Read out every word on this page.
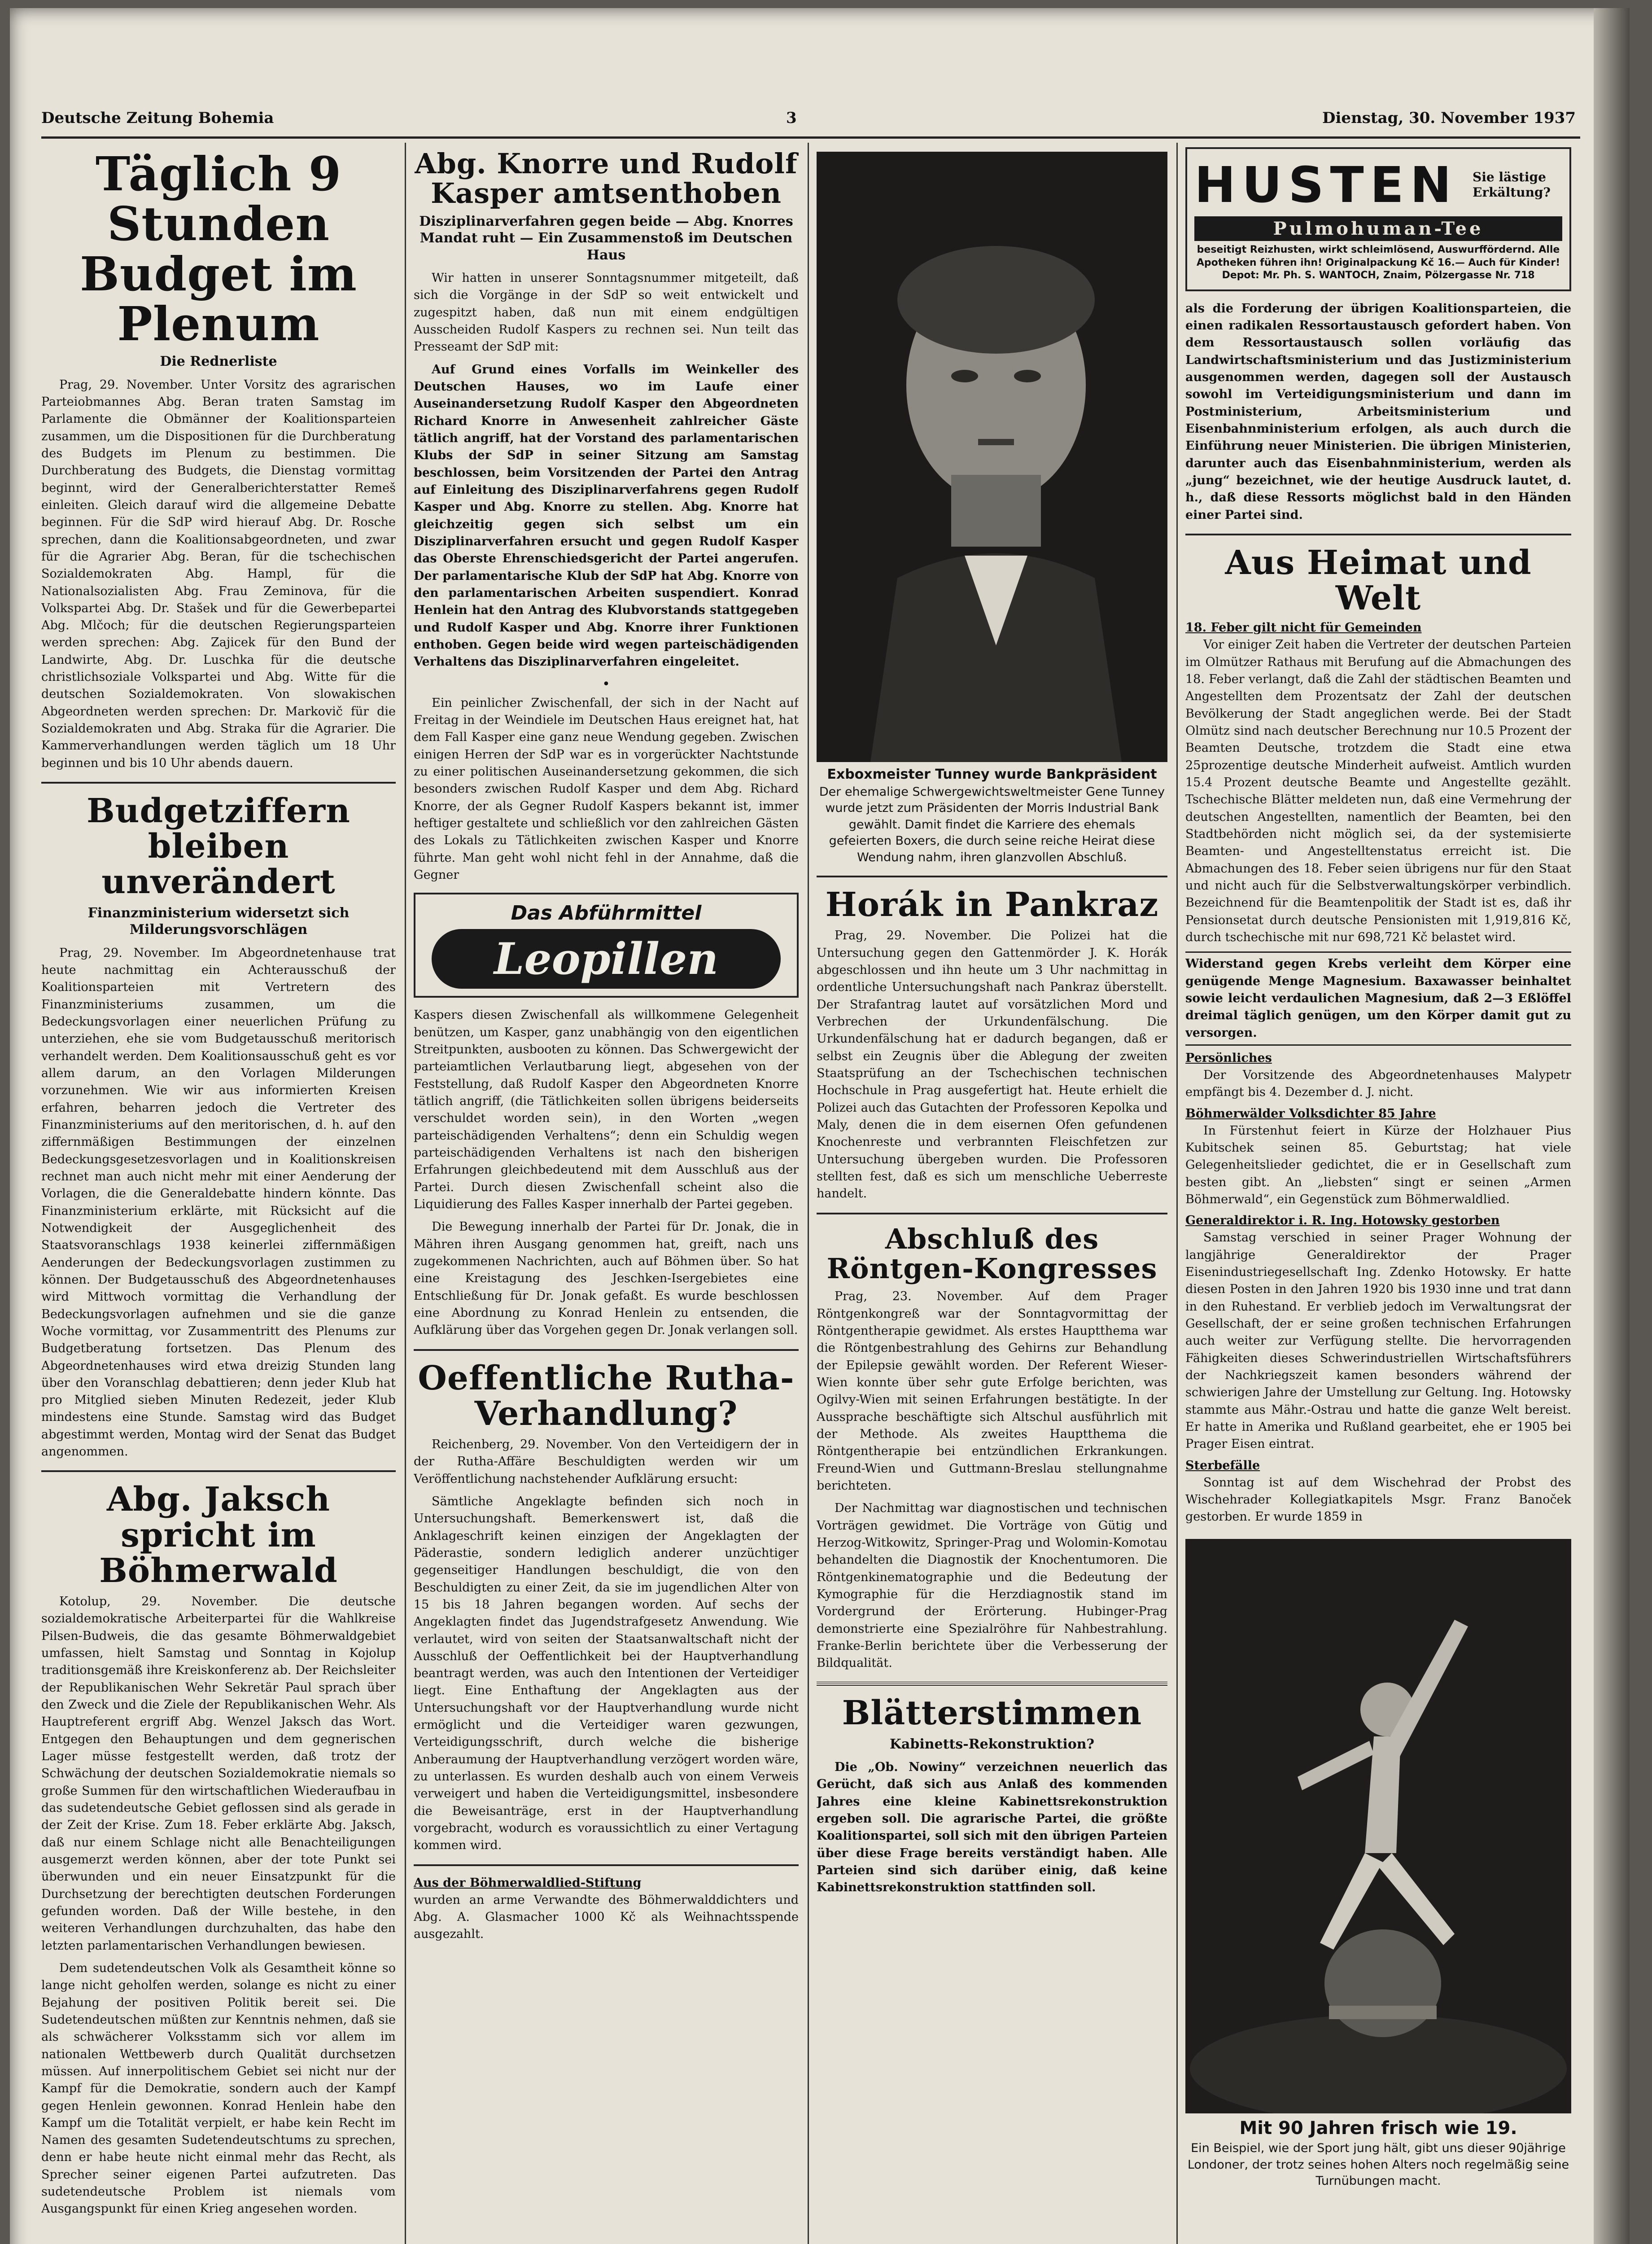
Deutsche Zeitung Bohemia	3	Dienstag, 30. November 1937
Täglich 9 Stunden Budget im Plenum
Die Rednerliste

Prag, 29. November. Unter Vorsitz des agrarischen Parteiobmannes Abg. Beran traten Samstag im Parlamente die Obmänner der Koalitionsparteien zusammen, um die Dispositionen für die Durchberatung des Budgets im Plenum zu bestimmen. Die Durchberatung des Budgets, die Dienstag vormittag beginnt, wird der Generalberichterstatter Remeš einleiten. Gleich darauf wird die allgemeine Debatte beginnen. Für die SdP wird hierauf Abg. Dr. Rosche sprechen, dann die Koalitionsabgeordneten, und zwar für die Agrarier Abg. Beran, für die tschechischen Sozialdemokraten Abg. Hampl, für die Nationalsozialisten Abg. Frau Zeminova, für die Volkspartei Abg. Dr. Stašek und für die Gewerbepartei Abg. Mlčoch; für die deutschen Regierungsparteien werden sprechen: Abg. Zajicek für den Bund der Landwirte, Abg. Dr. Luschka für die deutsche christlichsoziale Volkspartei und Abg. Witte für die deutschen Sozialdemokraten. Von slowakischen Abgeordneten werden sprechen: Dr. Markovič für die Sozialdemokraten und Abg. Straka für die Agrarier. Die Kammerverhandlungen werden täglich um 18 Uhr beginnen und bis 10 Uhr abends dauern.

Budgetziffern bleiben unverändert
Finanzministerium widersetzt sich Milderungsvorschlägen

Prag, 29. November. Im Abgeordnetenhause trat heute nachmittag ein Achterausschuß der Koalitionsparteien mit Vertretern des Finanzministeriums zusammen, um die Bedeckungsvorlagen einer neuerlichen Prüfung zu unterziehen, ehe sie vom Budgetausschuß meritorisch verhandelt werden. Dem Koalitionsausschuß geht es vor allem darum, an den Vorlagen Milderungen vorzunehmen. Wie wir aus informierten Kreisen erfahren, beharren jedoch die Vertreter des Finanzministeriums auf den meritorischen, d. h. auf den ziffernmäßigen Bestimmungen der einzelnen Bedeckungsgesetzesvorlagen und in Koalitionskreisen rechnet man auch nicht mehr mit einer Aenderung der Vorlagen, die die Generaldebatte hindern könnte. Das Finanzministerium erklärte, mit Rücksicht auf die Notwendigkeit der Ausgeglichenheit des Staatsvoranschlags 1938 keinerlei ziffernmäßigen Aenderungen der Bedeckungsvorlagen zustimmen zu können. Der Budgetausschuß des Abgeordnetenhauses wird Mittwoch vormittag die Verhandlung der Bedeckungsvorlagen aufnehmen und sie die ganze Woche vormittag, vor Zusammentritt des Plenums zur Budgetberatung fortsetzen. Das Plenum des Abgeordnetenhauses wird etwa dreizig Stunden lang über den Voranschlag debattieren; denn jeder Klub hat pro Mitglied sieben Minuten Redezeit, jeder Klub mindestens eine Stunde. Samstag wird das Budget abgestimmt werden, Montag wird der Senat das Budget angenommen.

Abg. Jaksch spricht im Böhmerwald

Kotolup, 29. November. Die deutsche sozialdemokratische Arbeiterpartei für die Wahlkreise Pilsen-Budweis, die das gesamte Böhmerwaldgebiet umfassen, hielt Samstag und Sonntag in Kojolup traditionsgemäß ihre Kreiskonferenz ab. Der Reichsleiter der Republikanischen Wehr Sekretär Paul sprach über den Zweck und die Ziele der Republikanischen Wehr. Als Hauptreferent ergriff Abg. Wenzel Jaksch das Wort. Entgegen den Behauptungen und dem gegnerischen Lager müsse festgestellt werden, daß trotz der Schwächung der deutschen Sozialdemokratie niemals so große Summen für den wirtschaftlichen Wiederaufbau in das sudetendeutsche Gebiet geflossen sind als gerade in der Zeit der Krise. Zum 18. Feber erklärte Abg. Jaksch, daß nur einem Schlage nicht alle Benachteiligungen ausgemerzt werden können, aber der tote Punkt sei überwunden und ein neuer Einsatzpunkt für die Durchsetzung der berechtigten deutschen Forderungen gefunden worden. Daß der Wille bestehe, in den weiteren Verhandlungen durchzuhalten, das habe den letzten parlamentarischen Verhandlungen bewiesen.

Dem sudetendeutschen Volk als Gesamtheit könne so lange nicht geholfen werden, solange es nicht zu einer Bejahung der positiven Politik bereit sei. Die Sudetendeutschen müßten zur Kenntnis nehmen, daß sie als schwächerer Volksstamm sich vor allem im nationalen Wettbewerb durch Qualität durchsetzen müssen. Auf innerpolitischem Gebiet sei nicht nur der Kampf für die Demokratie, sondern auch der Kampf gegen Henlein gewonnen. Konrad Henlein habe den Kampf um die Totalität verpielt, er habe kein Recht im Namen des gesamten Sudetendeutschtums zu sprechen, denn er habe heute nicht einmal mehr das Recht, als Sprecher seiner eigenen Partei aufzutreten. Das sudetendeutsche Problem ist niemals vom Ausgangspunkt für einen Krieg angesehen worden.

Abg. Knorre und Rudolf Kasper amtsenthoben
Disziplinarverfahren gegen beide — Abg. Knorres Mandat ruht — Ein Zusammenstoß im Deutschen Haus

Wir hatten in unserer Sonntagsnummer mitgeteilt, daß sich die Vorgänge in der SdP so weit entwickelt und zugespitzt haben, daß nun mit einem endgültigen Ausscheiden Rudolf Kaspers zu rechnen sei. Nun teilt das Presseamt der SdP mit:

Auf Grund eines Vorfalls im Weinkeller des Deutschen Hauses, wo im Laufe einer Auseinandersetzung Rudolf Kasper den Abgeordneten Richard Knorre in Anwesenheit zahlreicher Gäste tätlich angriff, hat der Vorstand des parlamentarischen Klubs der SdP in seiner Sitzung am Samstag beschlossen, beim Vorsitzenden der Partei den Antrag auf Einleitung des Disziplinarverfahrens gegen Rudolf Kasper und Abg. Knorre zu stellen. Abg. Knorre hat gleichzeitig gegen sich selbst um ein Disziplinarverfahren ersucht und gegen Rudolf Kasper das Oberste Ehrenschiedsgericht der Partei angerufen. Der parlamentarische Klub der SdP hat Abg. Knorre von den parlamentarischen Arbeiten suspendiert. Konrad Henlein hat den Antrag des Klubvorstands stattgegeben und Rudolf Kasper und Abg. Knorre ihrer Funktionen enthoben. Gegen beide wird wegen parteischädigenden Verhaltens das Disziplinarverfahren eingeleitet.

•

Ein peinlicher Zwischenfall, der sich in der Nacht auf Freitag in der Weindiele im Deutschen Haus ereignet hat, hat dem Fall Kasper eine ganz neue Wendung gegeben. Zwischen einigen Herren der SdP war es in vorgerückter Nachtstunde zu einer politischen Auseinandersetzung gekommen, die sich besonders zwischen Rudolf Kasper und dem Abg. Richard Knorre, der als Gegner Rudolf Kaspers bekannt ist, immer heftiger gestaltete und schließlich vor den zahlreichen Gästen des Lokals zu Tätlichkeiten zwischen Kasper und Knorre führte. Man geht wohl nicht fehl in der Annahme, daß die Gegner

Das Abführmittel
Leopillen

Kaspers diesen Zwischenfall als willkommene Gelegenheit benützen, um Kasper, ganz unabhängig von den eigentlichen Streitpunkten, ausbooten zu können. Das Schwergewicht der parteiamtlichen Verlautbarung liegt, abgesehen von der Feststellung, daß Rudolf Kasper den Abgeordneten Knorre tätlich angriff, (die Tätlichkeiten sollen übrigens beiderseits verschuldet worden sein), in den Worten „wegen parteischädigenden Verhaltens“; denn ein Schuldig wegen parteischädigenden Verhaltens ist nach den bisherigen Erfahrungen gleichbedeutend mit dem Ausschluß aus der Partei. Durch diesen Zwischenfall scheint also die Liquidierung des Falles Kasper innerhalb der Partei gegeben.

Die Bewegung innerhalb der Partei für Dr. Jonak, die in Mähren ihren Ausgang genommen hat, greift, nach uns zugekommenen Nachrichten, auch auf Böhmen über. So hat eine Kreistagung des Jeschken-Isergebietes eine Entschließung für Dr. Jonak gefaßt. Es wurde beschlossen eine Abordnung zu Konrad Henlein zu entsenden, die Aufklärung über das Vorgehen gegen Dr. Jonak verlangen soll.

Oeffentliche Rutha-Verhandlung?

Reichenberg, 29. November. Von den Verteidigern der in der Rutha-Affäre Beschuldigten werden wir um Veröffentlichung nachstehender Aufklärung ersucht:

Sämtliche Angeklagte befinden sich noch in Untersuchungshaft. Bemerkenswert ist, daß die Anklageschrift keinen einzigen der Angeklagten der Päderastie, sondern lediglich anderer unzüchtiger gegenseitiger Handlungen beschuldigt, die von den Beschuldigten zu einer Zeit, da sie im jugendlichen Alter von 15 bis 18 Jahren begangen worden. Auf sechs der Angeklagten findet das Jugendstrafgesetz Anwendung. Wie verlautet, wird von seiten der Staatsanwaltschaft nicht der Ausschluß der Oeffentlichkeit bei der Hauptverhandlung beantragt werden, was auch den Intentionen der Verteidiger liegt. Eine Enthaftung der Angeklagten aus der Untersuchungshaft vor der Hauptverhandlung wurde nicht ermöglicht und die Verteidiger waren gezwungen, Verteidigungsschrift, durch welche die bisherige Anberaumung der Hauptverhandlung verzögert worden wäre, zu unterlassen. Es wurden deshalb auch von einem Verweis verweigert und haben die Verteidigungsmittel, insbesondere die Beweisanträge, erst in der Hauptverhandlung vorgebracht, wodurch es voraussichtlich zu einer Vertagung kommen wird.

Aus der Böhmerwaldlied-Stiftung

wurden an arme Verwandte des Böhmerwalddichters und Abg. A. Glasmacher 1000 Kč als Weihnachtsspende ausgezahlt.

Exboxmeister Tunney wurde Bankpräsident

Der ehemalige Schwergewichtsweltmeister Gene Tunney wurde jetzt zum Präsidenten der Morris Industrial Bank gewählt. Damit findet die Karriere des ehemals gefeierten Boxers, die durch seine reiche Heirat diese Wendung nahm, ihren glanzvollen Abschluß.

Horák in Pankraz

Prag, 29. November. Die Polizei hat die Untersuchung gegen den Gattenmörder J. K. Horák abgeschlossen und ihn heute um 3 Uhr nachmittag in ordentliche Untersuchungshaft nach Pankraz überstellt. Der Strafantrag lautet auf vorsätzlichen Mord und Verbrechen der Urkundenfälschung. Die Urkundenfälschung hat er dadurch begangen, daß er selbst ein Zeugnis über die Ablegung der zweiten Staatsprüfung an der Tschechischen technischen Hochschule in Prag ausgefertigt hat. Heute erhielt die Polizei auch das Gutachten der Professoren Kepolka und Maly, denen die in dem eisernen Ofen gefundenen Knochenreste und verbrannten Fleischfetzen zur Untersuchung übergeben wurden. Die Professoren stellten fest, daß es sich um menschliche Ueberreste handelt.

Abschluß des Röntgen-Kongresses

Prag, 23. November. Auf dem Prager Röntgenkongreß war der Sonntagvormittag der Röntgentherapie gewidmet. Als erstes Hauptthema war die Röntgenbestrahlung des Gehirns zur Behandlung der Epilepsie gewählt worden. Der Referent Wieser-Wien konnte über sehr gute Erfolge berichten, was Ogilvy-Wien mit seinen Erfahrungen bestätigte. In der Aussprache beschäftigte sich Altschul ausführlich mit der Methode. Als zweites Hauptthema die Röntgentherapie bei entzündlichen Erkrankungen. Freund-Wien und Guttmann-Breslau stellungnahme berichteten.

Der Nachmittag war diagnostischen und technischen Vorträgen gewidmet. Die Vorträge von Gütig und Herzog-Witkowitz, Springer-Prag und Wolomin-Komotau behandelten die Diagnostik der Knochentumoren. Die Röntgenkinematographie und die Bedeutung der Kymographie für die Herzdiagnostik stand im Vordergrund der Erörterung. Hubinger-Prag demonstrierte eine Spezialröhre für Nahbestrahlung. Franke-Berlin berichtete über die Verbesserung der Bildqualität.

Blätterstimmen
Kabinetts-Rekonstruktion?

Die „Ob. Nowiny“ verzeichnen neuerlich das Gerücht, daß sich aus Anlaß des kommenden Jahres eine kleine Kabinettsrekonstruktion ergeben soll. Die agrarische Partei, die größte Koalitionspartei, soll sich mit den übrigen Parteien über diese Frage bereits verständigt haben. Alle Parteien sind sich darüber einig, daß keine Kabinettsrekonstruktion stattfinden soll.

HUSTEN	Sie lästige Erkältung?
Pulmohuman-Tee
beseitigt Reizhusten, wirkt schleimlösend, Auswurffördernd. Alle Apotheken führen ihn! Originalpackung Kč 16.— Auch für Kinder! Depot: Mr. Ph. S. WANTOCH, Znaim, Pölzergasse Nr. 718

als die Forderung der übrigen Koalitionsparteien, die einen radikalen Ressortaustausch gefordert haben. Von dem Ressortaustausch sollen vorläufig das Landwirtschaftsministerium und das Justizministerium ausgenommen werden, dagegen soll der Austausch sowohl im Verteidigungsministerium und dann im Postministerium, Arbeitsministerium und Eisenbahnministerium erfolgen, als auch durch die Einführung neuer Ministerien. Die übrigen Ministerien, darunter auch das Eisenbahnministerium, werden als „jung“ bezeichnet, wie der heutige Ausdruck lautet, d. h., daß diese Ressorts möglichst bald in den Händen einer Partei sind.

Aus Heimat und Welt
18. Feber gilt nicht für Gemeinden

Vor einiger Zeit haben die Vertreter der deutschen Parteien im Olmützer Rathaus mit Berufung auf die Abmachungen des 18. Feber verlangt, daß die Zahl der städtischen Beamten und Angestellten dem Prozentsatz der Zahl der deutschen Bevölkerung der Stadt angeglichen werde. Bei der Stadt Olmütz sind nach deutscher Berechnung nur 10.5 Prozent der Beamten Deutsche, trotzdem die Stadt eine etwa 25prozentige deutsche Minderheit aufweist. Amtlich wurden 15.4 Prozent deutsche Beamte und Angestellte gezählt. Tschechische Blätter meldeten nun, daß eine Vermehrung der deutschen Angestellten, namentlich der Beamten, bei den Stadtbehörden nicht möglich sei, da der systemisierte Beamten- und Angestelltenstatus erreicht ist. Die Abmachungen des 18. Feber seien übrigens nur für den Staat und nicht auch für die Selbstverwaltungskörper verbindlich. Bezeichnend für die Beamtenpolitik der Stadt ist es, daß ihr Pensionsetat durch deutsche Pensionisten mit 1,919,816 Kč, durch tschechische mit nur 698,721 Kč belastet wird.

Widerstand gegen Krebs verleiht dem Körper eine genügende Menge Magnesium. Baxawasser beinhaltet sowie leicht verdaulichen Magnesium, daß 2—3 Eßlöffel dreimal täglich genügen, um den Körper damit gut zu versorgen.

Persönliches

Der Vorsitzende des Abgeordnetenhauses Malypetr empfängt bis 4. Dezember d. J. nicht.

Böhmerwälder Volksdichter 85 Jahre

In Fürstenhut feiert in Kürze der Holzhauer Pius Kubitschek seinen 85. Geburtstag; hat viele Gelegenheitslieder gedichtet, die er in Gesellschaft zum besten gibt. An „liebsten“ singt er seinen „Armen Böhmerwald“, ein Gegenstück zum Böhmerwaldlied.

Generaldirektor i. R. Ing. Hotowsky gestorben

Samstag verschied in seiner Prager Wohnung der langjährige Generaldirektor der Prager Eisenindustriegesellschaft Ing. Zdenko Hotowsky. Er hatte diesen Posten in den Jahren 1920 bis 1930 inne und trat dann in den Ruhestand. Er verblieb jedoch im Verwaltungsrat der Gesellschaft, der er seine großen technischen Erfahrungen auch weiter zur Verfügung stellte. Die hervorragenden Fähigkeiten dieses Schwerindustriellen Wirtschaftsführers der Nachkriegszeit kamen besonders während der schwierigen Jahre der Umstellung zur Geltung. Ing. Hotowsky stammte aus Mähr.-Ostrau und hatte die ganze Welt bereist. Er hatte in Amerika und Rußland gearbeitet, ehe er 1905 bei Prager Eisen eintrat.

Sterbefälle

Sonntag ist auf dem Wischehrad der Probst des Wischehrader Kollegiatkapitels Msgr. Franz Banoček gestorben. Er wurde 1859 in

Mit 90 Jahren frisch wie 19.

Ein Beispiel, wie der Sport jung hält, gibt uns dieser 90jährige Londoner, der trotz seines hohen Alters noch regelmäßig seine Turnübungen macht.
